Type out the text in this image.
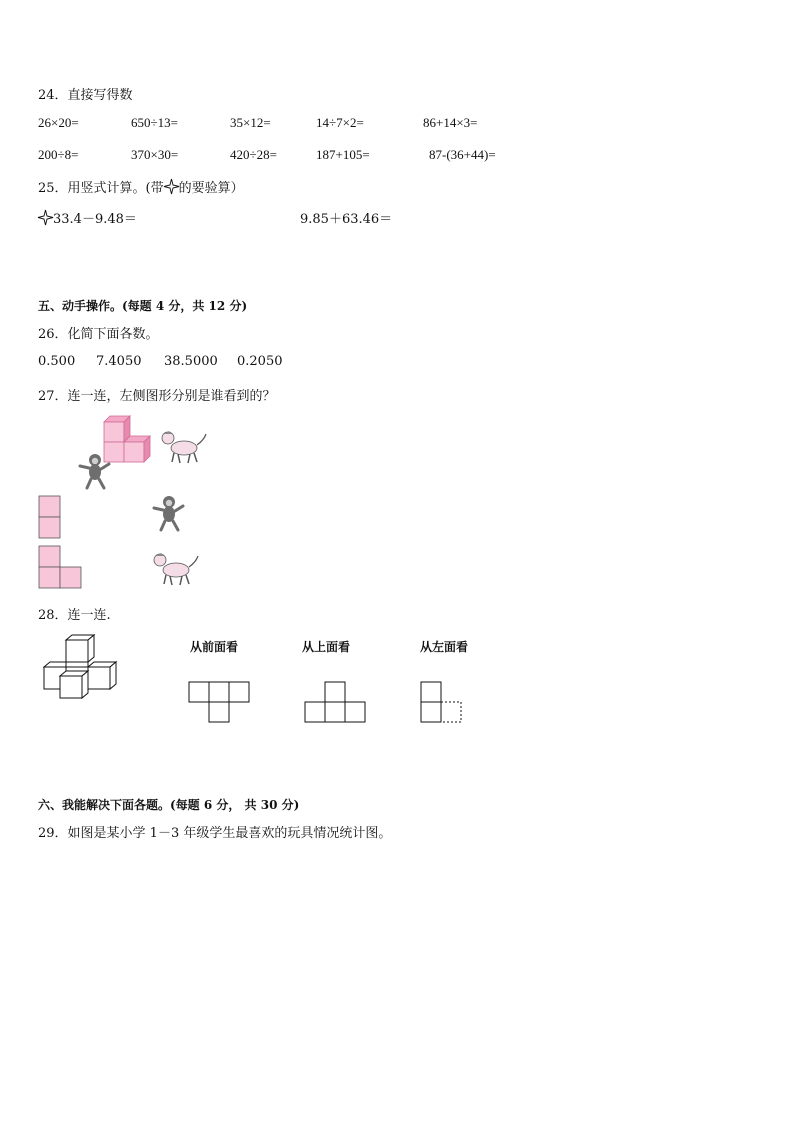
24．直接写得数
26×20=	650÷13=	35×12=	14÷7×2=	86+14×3=
200÷8=	370×30=	420÷28=	187+105=	87-(36+44)=
25．用竖式计算。(带 的要验算）
33.4－9.48＝	9.85＋63.46＝
五、动手操作。(每题 4 分，共 12 分)
26．化简下面各数。
0.500 7.4050 38.5000 0.2050
27．连一连，左侧图形分别是谁看到的？
28．连一连.
从前面看	从上面看	从左面看
六、我能解决下面各题。(每题 6 分， 共 30 分)
29．如图是某小学 1－3 年级学生最喜欢的玩具情况统计图。
